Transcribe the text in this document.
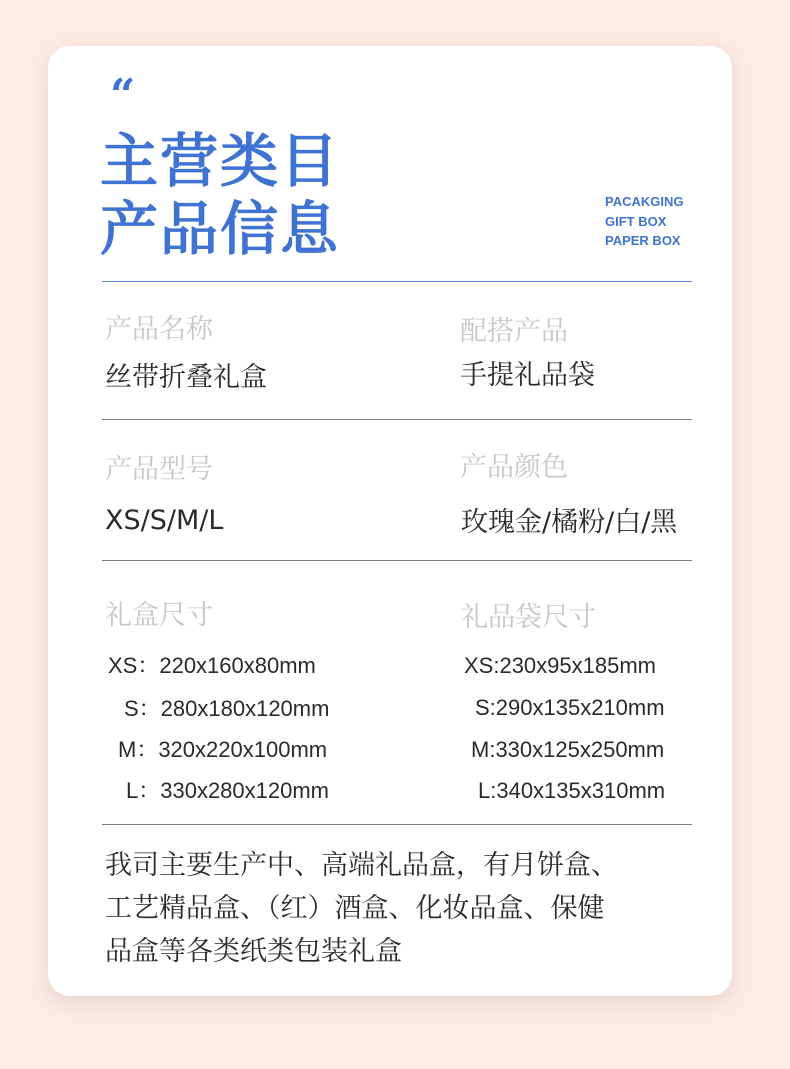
“
主营类目
产品信息	PACAKGING
GIFT BOX
PAPER BOX
产品名称
丝带折叠礼盒
配搭产品
手提礼品袋
产品型号
XS/S/M/L
产品颜色
玫瑰金/橘粉/白/黑
礼盒尺寸	礼品袋尺寸
XS：220x160x80mm
S：280x180x120mm
M：320x220x100mm
L：330x280x120mm
XS:230x95x185mm
S:290x135x210mm
M:330x125x250mm
L:340x135x310mm
我司主要生产中、高端礼品盒，有月饼盒、
工艺精品盒、（红）酒盒、化妆品盒、保健
品盒等各类纸类包装礼盒
